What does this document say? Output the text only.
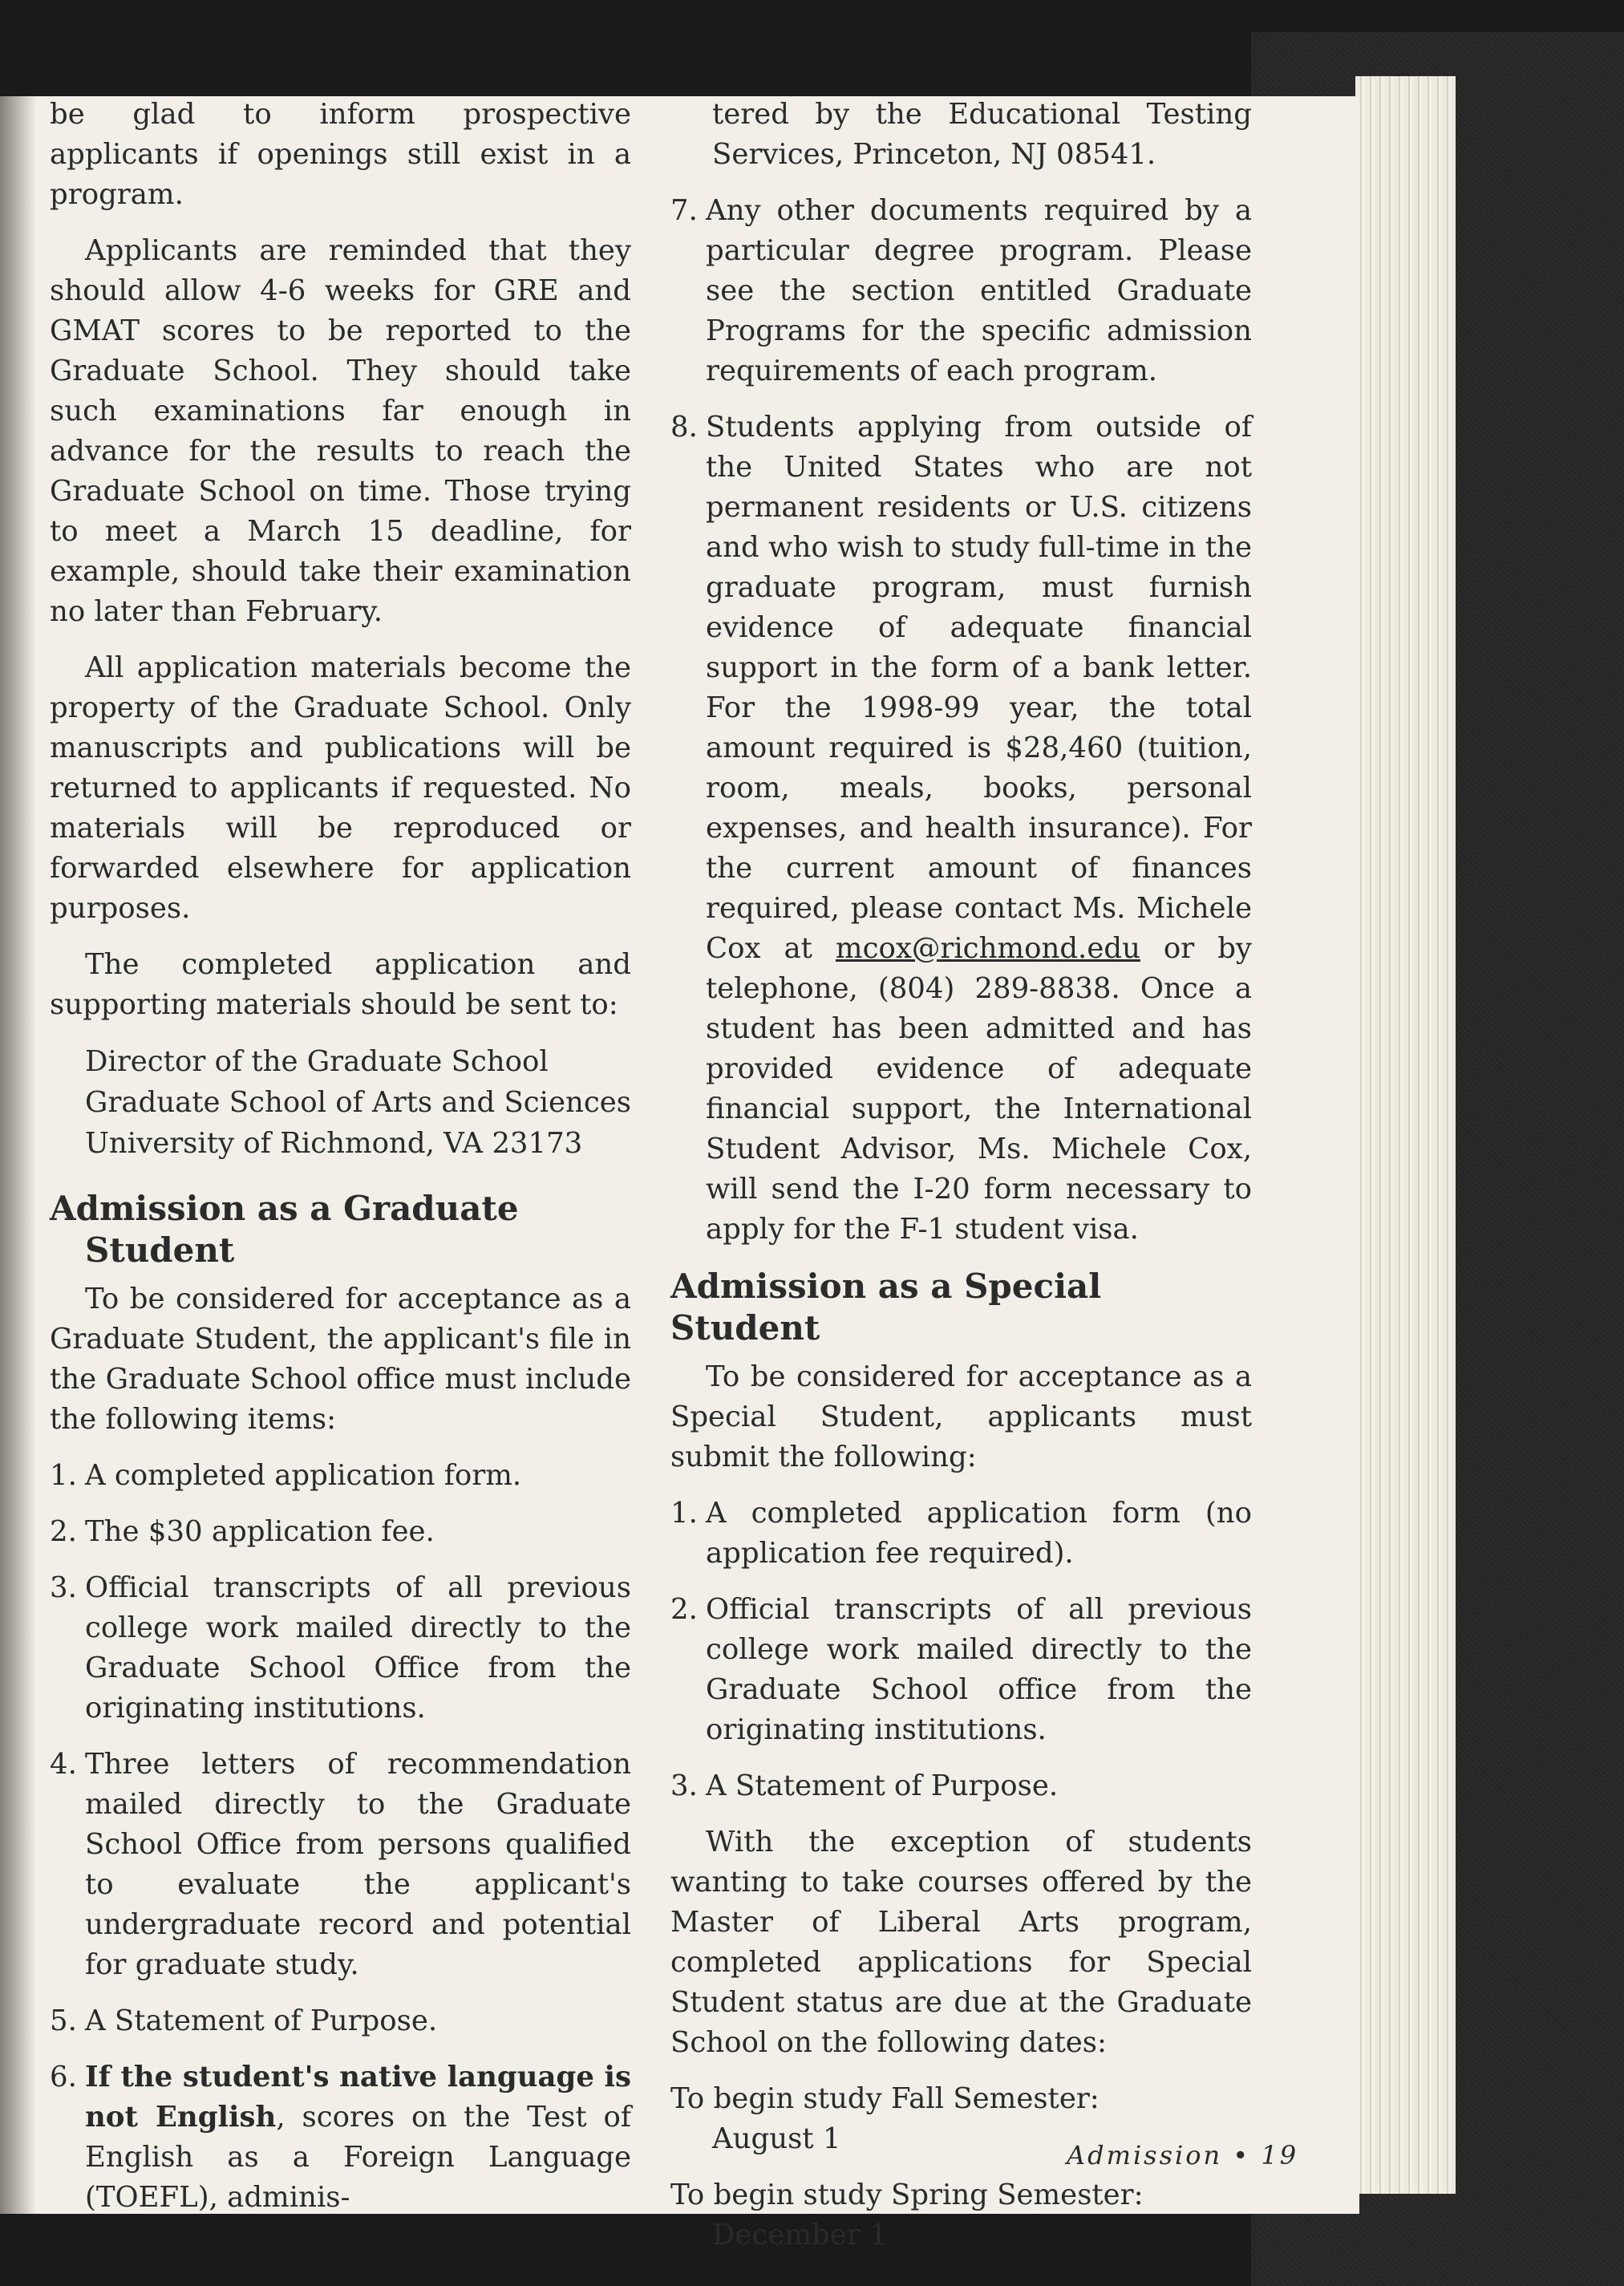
be glad to inform prospective applicants if openings still exist in a program.

Applicants are reminded that they should allow 4-6 weeks for GRE and GMAT scores to be reported to the Graduate School. They should take such examinations far enough in advance for the results to reach the Graduate School on time. Those trying to meet a March 15 deadline, for example, should take their examination no later than February.

All application materials become the property of the Graduate School. Only manuscripts and publications will be returned to applicants if requested. No materials will be reproduced or forwarded elsewhere for application purposes.

The completed application and supporting materials should be sent to:

Director of the Graduate School
Graduate School of Arts and Sciences
University of Richmond, VA 23173
Admission as a Graduate
Student

To be considered for acceptance as a Graduate Student, the applicant's file in the Graduate School office must include the following items:

1. A completed application form.
2. The $30 application fee.
3. Official transcripts of all previous college work mailed directly to the Graduate School Office from the originating institutions.
4. Three letters of recommendation mailed directly to the Graduate School Office from persons qualified to evaluate the applicant's undergraduate record and potential for graduate study.
5. A Statement of Purpose.
6. If the student's native language is not English, scores on the Test of English as a Foreign Language (TOEFL), adminis-

tered by the Educational Testing Services, Princeton, NJ 08541.

7. Any other documents required by a particular degree program. Please see the section entitled Graduate Programs for the specific admission requirements of each program.
8. Students applying from outside of the United States who are not permanent residents or U.S. citizens and who wish to study full-time in the graduate program, must furnish evidence of adequate financial support in the form of a bank letter. For the 1998-99 year, the total amount required is $28,460 (tuition, room, meals, books, personal expenses, and health insurance). For the current amount of finances required, please contact Ms. Michele Cox at mcox@richmond.edu or by telephone, (804) 289-8838. Once a student has been admitted and has provided evidence of adequate financial support, the International Student Advisor, Ms. Michele Cox, will send the I-20 form necessary to apply for the F-1 student visa.
Admission as a Special Student

To be considered for acceptance as a Special Student, applicants must submit the following:

1. A completed application form (no application fee required).
2. Official transcripts of all previous college work mailed directly to the Graduate School office from the originating institutions.
3. A Statement of Purpose.

With the exception of students wanting to take courses offered by the Master of Liberal Arts program, completed applications for Special Student status are due at the Graduate School on the following dates:

To begin study Fall Semester:
August 1
To begin study Spring Semester:
December 1
Admission • 19
